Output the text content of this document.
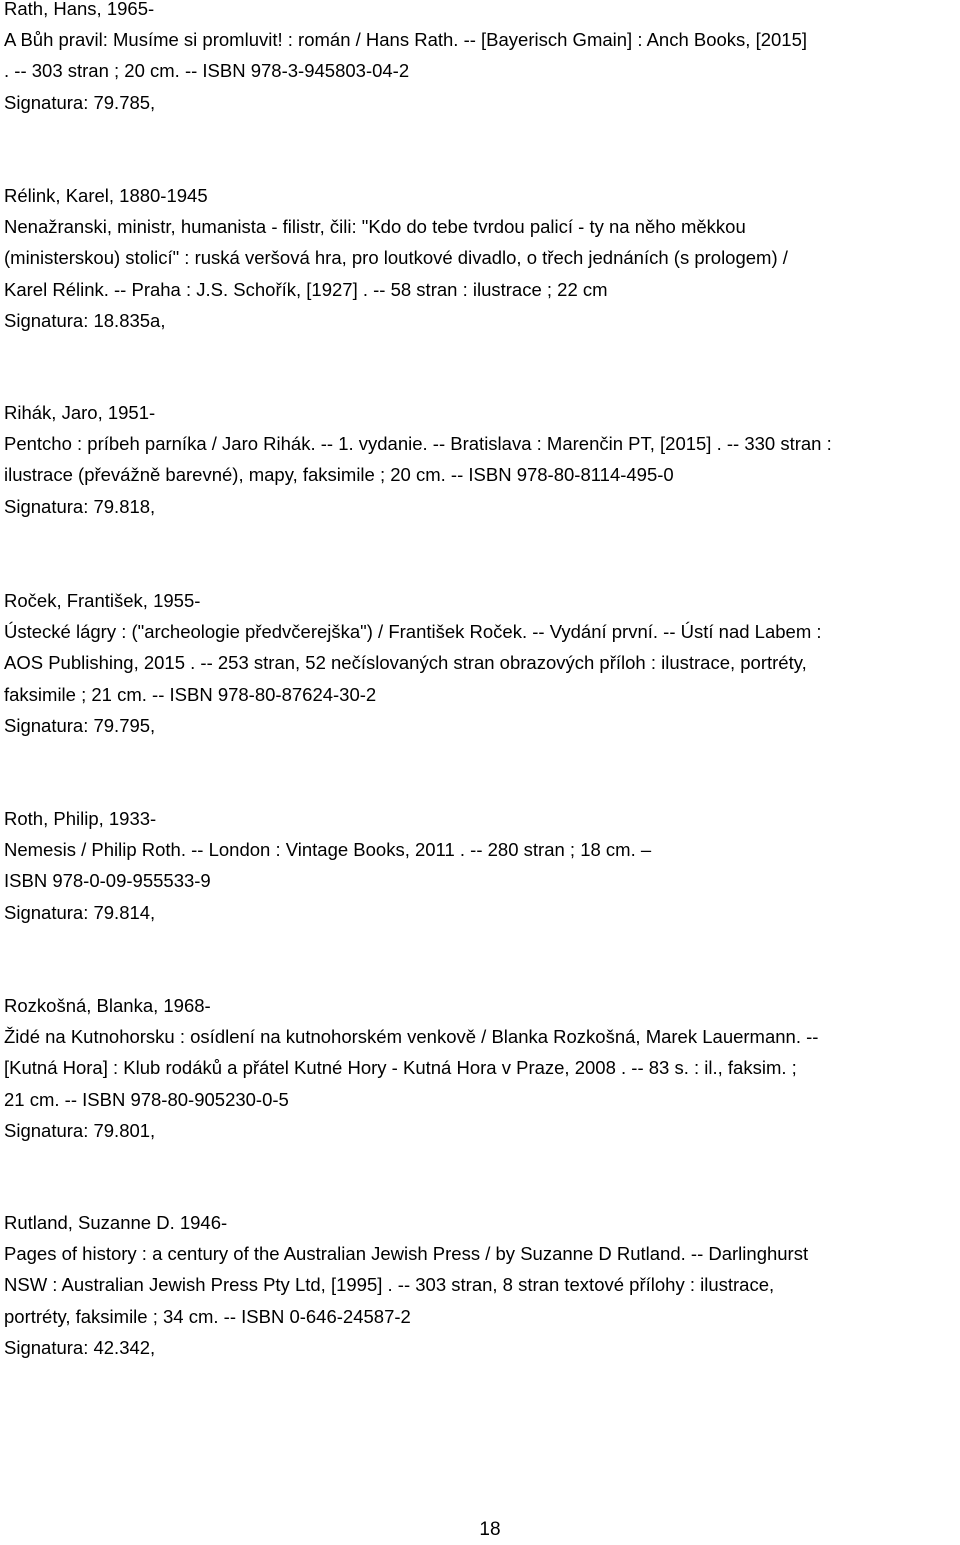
Rath, Hans, 1965-
A Bůh pravil: Musíme si promluvit! : román / Hans Rath. -- [Bayerisch Gmain] : Anch Books, [2015]
. -- 303 stran ; 20 cm. -- ISBN 978-3-945803-04-2
Signatura: 79.785,
Rélink, Karel, 1880-1945
Nenažranski, ministr, humanista - filistr, čili: "Kdo do tebe tvrdou palicí - ty na něho měkkou
(ministerskou) stolicí" : ruská veršová hra, pro loutkové divadlo, o třech jednáních (s prologem) /
Karel Rélink. -- Praha : J.S. Schořík, [1927] . -- 58 stran : ilustrace ; 22 cm
Signatura: 18.835a,
Rihák, Jaro, 1951-
Pentcho : príbeh parníka / Jaro Rihák. -- 1. vydanie. -- Bratislava : Marenčin PT, [2015] . -- 330 stran :
ilustrace (převážně barevné), mapy, faksimile ; 20 cm. -- ISBN 978-80-8114-495-0
Signatura: 79.818,
Roček, František, 1955-
Ústecké lágry : ("archeologie předvčerejška") / František Roček. -- Vydání první. -- Ústí nad Labem :
AOS Publishing, 2015 . -- 253 stran, 52 nečíslovaných stran obrazových příloh : ilustrace, portréty,
faksimile ; 21 cm. -- ISBN 978-80-87624-30-2
Signatura: 79.795,
Roth, Philip, 1933-
Nemesis / Philip Roth. -- London : Vintage Books, 2011 . -- 280 stran ; 18 cm. –
ISBN 978-0-09-955533-9
Signatura: 79.814,
Rozkošná, Blanka, 1968-
Židé na Kutnohorsku : osídlení na kutnohorském venkově / Blanka Rozkošná, Marek Lauermann. --
[Kutná Hora] : Klub rodáků a přátel Kutné Hory - Kutná Hora v Praze, 2008 . -- 83 s. : il., faksim. ;
21 cm. -- ISBN 978-80-905230-0-5
Signatura: 79.801,
Rutland, Suzanne D. 1946-
Pages of history : a century of the Australian Jewish Press / by Suzanne D Rutland. -- Darlinghurst
NSW : Australian Jewish Press Pty Ltd, [1995] . -- 303 stran, 8 stran textové přílohy : ilustrace,
portréty, faksimile ; 34 cm. -- ISBN 0-646-24587-2
Signatura: 42.342,
18
